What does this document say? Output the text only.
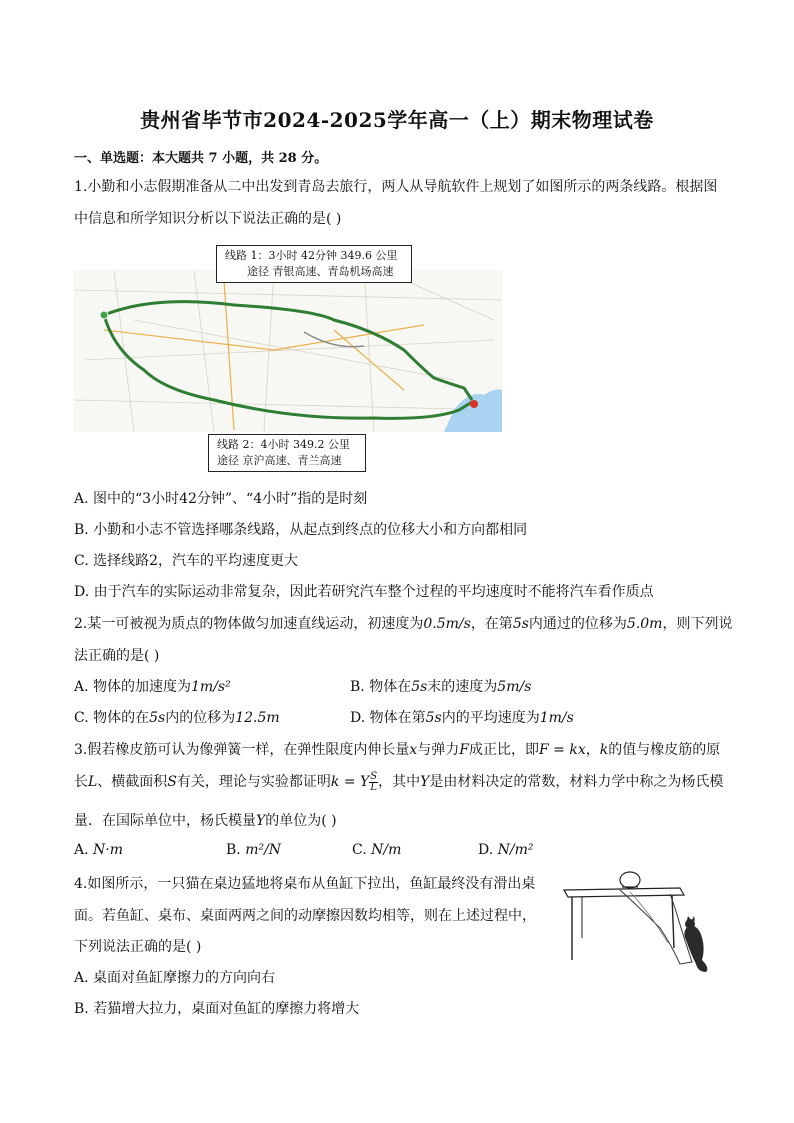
贵州省毕节市2024-2025学年高一（上）期末物理试卷
一、单选题：本大题共 7 小题，共 28 分。
1.小勤和小志假期准备从二中出发到青岛去旅行，两人从导航软件上规划了如图所示的两条线路。根据图
中信息和所学知识分析以下说法正确的是( )
线路 1：3小时 42分钟 349.6 公里
途径 青银高速、青岛机场高速
线路 2：4小时 349.2 公里
途径 京沪高速、青兰高速
A. 图中的“3小时42分钟”、“4小时”指的是时刻
B. 小勤和小志不管选择哪条线路，从起点到终点的位移大小和方向都相同
C. 选择线路2，汽车的平均速度更大
D. 由于汽车的实际运动非常复杂，因此若研究汽车整个过程的平均速度时不能将汽车看作质点
2.某一可被视为质点的物体做匀加速直线运动，初速度为0.5m/s，在第5s内通过的位移为5.0m，则下列说
法正确的是( )
A. 物体的加速度为1m/s²	B. 物体在5s末的速度为5m/s
C. 物体的在5s内的位移为12.5m	D. 物体在第5s内的平均速度为1m/s
3.假若橡皮筋可认为像弹簧一样，在弹性限度内伸长量x与弹力F成正比，即F = kx，k的值与橡皮筋的原
长L、横截面积S有关，理论与实验都证明k = Y $\frac{S}{L}$ ，其中Y是由材料决定的常数，材料力学中称之为杨氏模
量．在国际单位中，杨氏模量Y的单位为( )
A. N·m	B. m²/N	C. N/m	D. N/m²
4.如图所示，一只猫在桌边猛地将桌布从鱼缸下拉出，鱼缸最终没有滑出桌
面。若鱼缸、桌布、桌面两两之间的动摩擦因数均相等，则在上述过程中，
下列说法正确的是( )
A. 桌面对鱼缸摩擦力的方向向右
B. 若猫增大拉力，桌面对鱼缸的摩擦力将增大
